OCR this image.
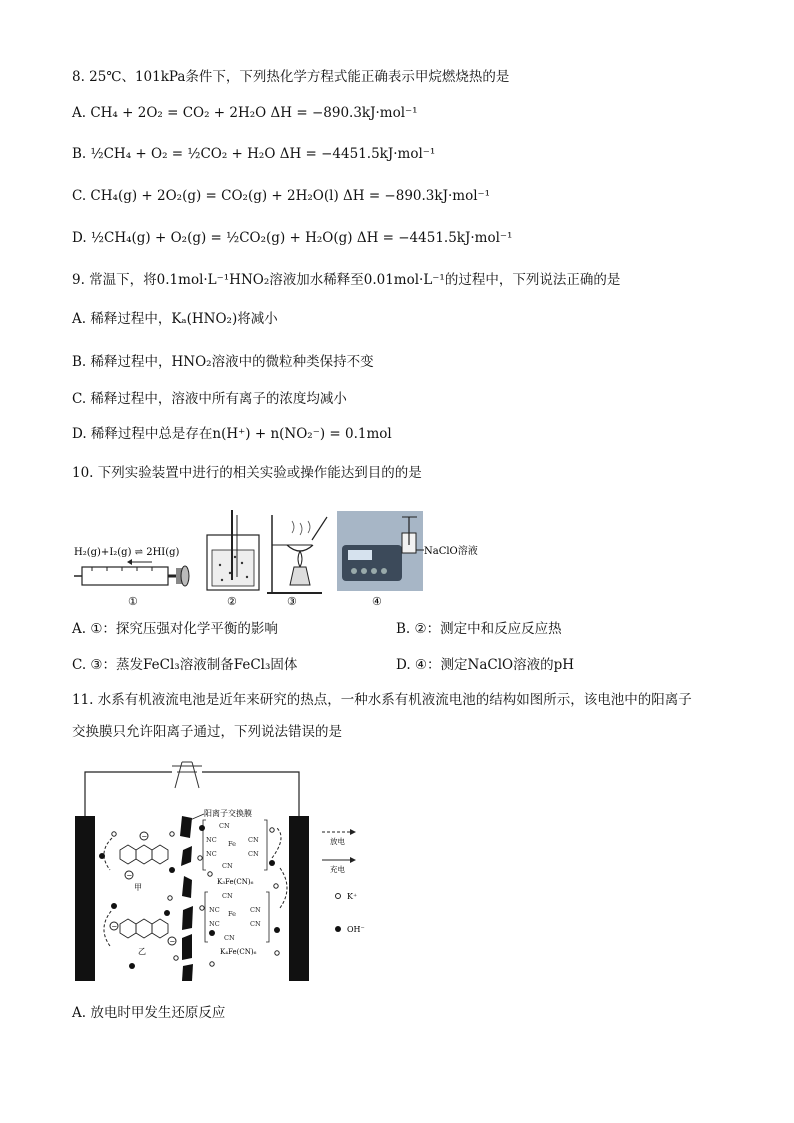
8. 25℃、101kPa条件下，下列热化学方程式能正确表示甲烷燃烧热的是
A. CH₄ + 2O₂ = CO₂ + 2H₂O ΔH = −890.3kJ·mol⁻¹
B. ½CH₄ + O₂ = ½CO₂ + H₂O ΔH = −4451.5kJ·mol⁻¹
C. CH₄(g) + 2O₂(g) = CO₂(g) + 2H₂O(l) ΔH = −890.3kJ·mol⁻¹
D. ½CH₄(g) + O₂(g) = ½CO₂(g) + H₂O(g) ΔH = −4451.5kJ·mol⁻¹
9. 常温下，将0.1mol·L⁻¹HNO₂溶液加水稀释至0.01mol·L⁻¹的过程中，下列说法正确的是
A. 稀释过程中，Kₐ(HNO₂)将减小
B. 稀释过程中，HNO₂溶液中的微粒种类保持不变
C. 稀释过程中，溶液中所有离子的浓度均减小
D. 稀释过程中总是存在n(H⁺) + n(NO₂⁻) = 0.1mol
10. 下列实验装置中进行的相关实验或操作能达到目的的是
H₂(g)+I₂(g) ⇌ 2HI(g)
①	②	③
NaClO溶液
④
A. ①：探究压强对化学平衡的影响	B. ②：测定中和反应反应热
C. ③：蒸发FeCl₃溶液制备FeCl₃固体	D. ④：测定NaClO溶液的pH
11. 水系有机液流电池是近年来研究的热点，一种水系有机液流电池的结构如图所示，该电池中的阳离子
交换膜只允许阳离子通过，下列说法错误的是
阳离子交换膜
−
−
甲
−
−
乙
CN
NC Fe CN
NC	CN
CN
K₃Fe(CN)₆
CN
NC Fe CN
NC	CN
CN
K₄Fe(CN)₆
放电
充电
K⁺
OH⁻
A. 放电时甲发生还原反应
